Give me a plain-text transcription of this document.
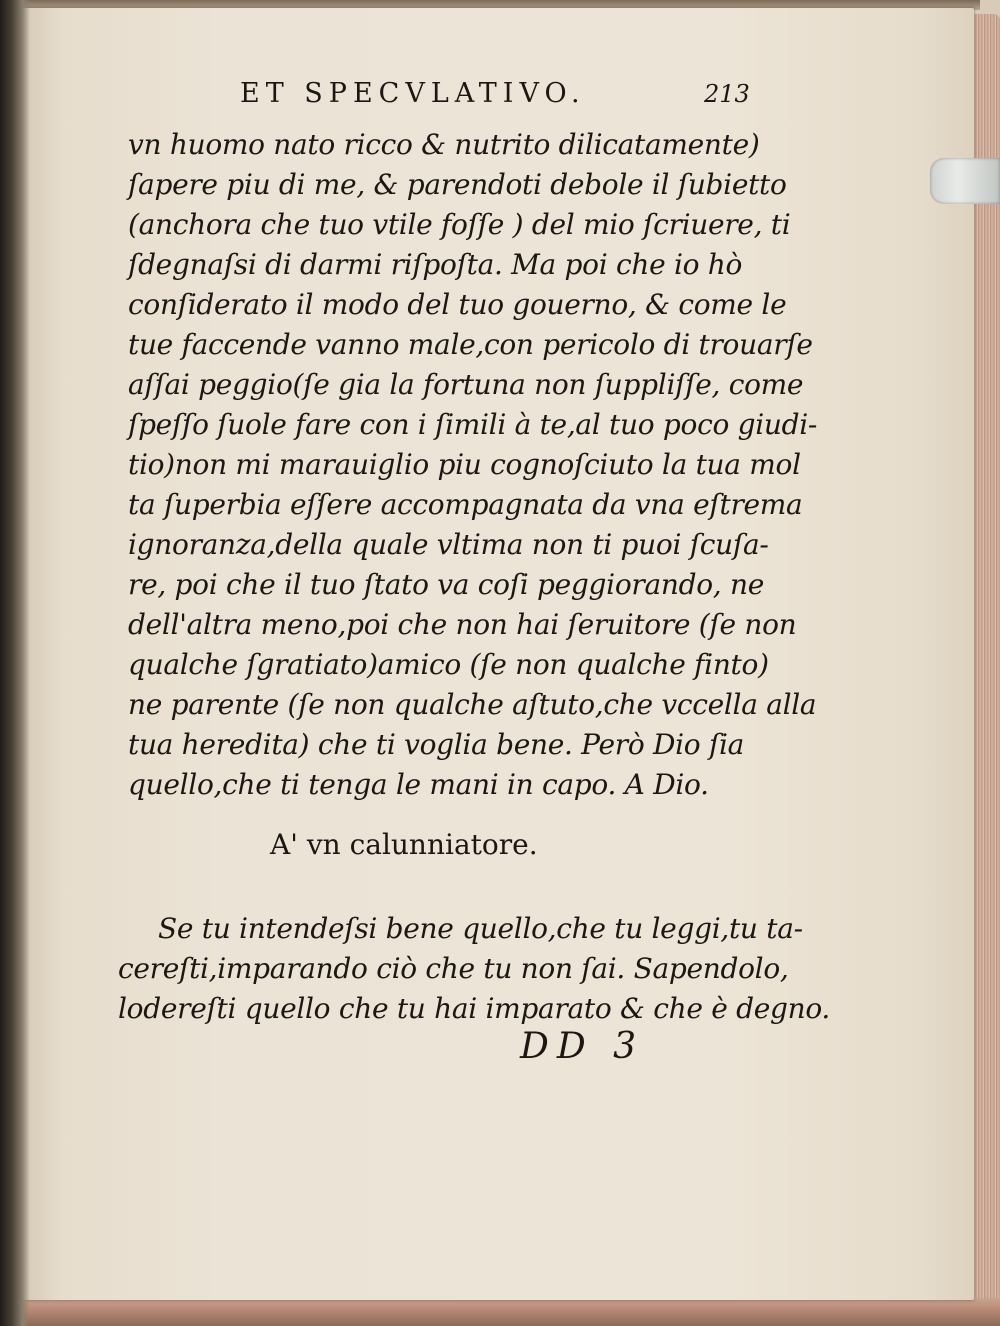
ET SPECVLATIVO.	213
vn huomo nato ricco & nutrito dilicatamente)
ſapere piu di me, & parendoti debole il ſubietto
(anchora che tuo vtile foſſe ) del mio ſcriuere, ti
ſdegnaſsi di darmi riſpoſta. Ma poi che io hò
conſiderato il modo del tuo gouerno, & come le
tue faccende vanno male,con pericolo di trouarſe
aſſai peggio(ſe gia la fortuna non ſuppliſſe, come
ſpeſſo ſuole fare con i ſimili à te,al tuo poco giudi-
tio)non mi marauiglio piu cognoſciuto la tua mol
ta ſuperbia eſſere accompagnata da vna eſtrema
ignoranza,della quale vltima non ti puoi ſcuſa-
re, poi che il tuo ſtato va coſi peggiorando, ne
dell'altra meno,poi che non hai ſeruitore (ſe non
qualche ſgratiato)amico (ſe non qualche finto)
ne parente (ſe non qualche aſtuto,che vccella alla
tua heredita) che ti voglia bene. Però Dio ſia
quello,che ti tenga le mani in capo. A Dio.
A' vn calunniatore.
Se tu intendeſsi bene quello,che tu leggi,tu ta-
cereſti,imparando ciò che tu non ſai. Sapendolo,
lodereſti quello che tu hai imparato & che è degno.
DD 3
